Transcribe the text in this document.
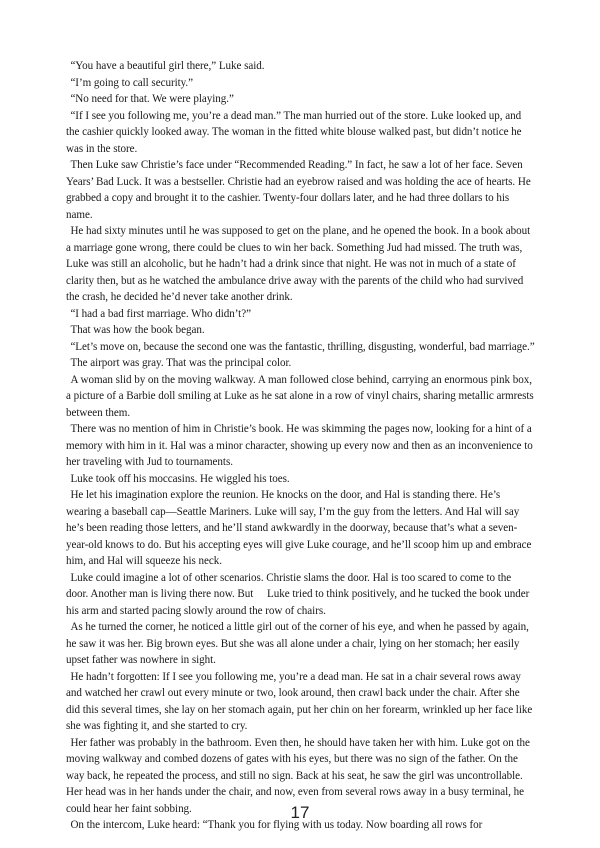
“You have a beautiful girl there,” Luke said.

“I’m going to call security.”

“No need for that. We were playing.”

“If I see you following me, you’re a dead man.” The man hurried out of the store. Luke looked up, and the cashier quickly looked away. The woman in the fitted white blouse walked past, but didn’t notice he was in the store.

Then Luke saw Christie’s face under “Recommended Reading.” In fact, he saw a lot of her face. Seven Years’ Bad Luck. It was a bestseller. Christie had an eyebrow raised and was holding the ace of hearts. He grabbed a copy and brought it to the cashier. Twenty-four dollars later, and he had three dollars to his name.

He had sixty minutes until he was supposed to get on the plane, and he opened the book. In a book about a marriage gone wrong, there could be clues to win her back. Something Jud had missed. The truth was, Luke was still an alcoholic, but he hadn’t had a drink since that night. He was not in much of a state of clarity then, but as he watched the ambulance drive away with the parents of the child who had survived the crash, he decided he’d never take another drink.

“I had a bad first marriage. Who didn’t?”

That was how the book began.

“Let’s move on, because the second one was the fantastic, thrilling, disgusting, wonderful, bad marriage.”

The airport was gray. That was the principal color.

A woman slid by on the moving walkway. A man followed close behind, carrying an enormous pink box, a picture of a Barbie doll smiling at Luke as he sat alone in a row of vinyl chairs, sharing metallic armrests between them.

There was no mention of him in Christie’s book. He was skimming the pages now, looking for a hint of a memory with him in it. Hal was a minor character, showing up every now and then as an inconvenience to her traveling with Jud to tournaments.

Luke took off his moccasins. He wiggled his toes.

He let his imagination explore the reunion. He knocks on the door, and Hal is standing there. He’s wearing a baseball cap—Seattle Mariners. Luke will say, I’m the guy from the letters. And Hal will say he’s been reading those letters, and he’ll stand awkwardly in the doorway, because that’s what a seven-year-old knows to do. But his accepting eyes will give Luke courage, and he’ll scoop him up and embrace him, and Hal will squeeze his neck.

Luke could imagine a lot of other scenarios. Christie slams the door. Hal is too scared to come to the door. Another man is living there now. But  Luke tried to think positively, and he tucked the book under his arm and started pacing slowly around the row of chairs.

As he turned the corner, he noticed a little girl out of the corner of his eye, and when he passed by again, he saw it was her. Big brown eyes. But she was all alone under a chair, lying on her stomach; her easily upset father was nowhere in sight.

He hadn’t forgotten: If I see you following me, you’re a dead man. He sat in a chair several rows away and watched her crawl out every minute or two, look around, then crawl back under the chair. After she did this several times, she lay on her stomach again, put her chin on her forearm, wrinkled up her face like she was fighting it, and she started to cry.

Her father was probably in the bathroom. Even then, he should have taken her with him. Luke got on the moving walkway and combed dozens of gates with his eyes, but there was no sign of the father. On the way back, he repeated the process, and still no sign. Back at his seat, he saw the girl was uncontrollable. Her head was in her hands under the chair, and now, even from several rows away in a busy terminal, he could hear her faint sobbing.

On the intercom, Luke heard: “Thank you for flying with us today. Now boarding all rows for

17
